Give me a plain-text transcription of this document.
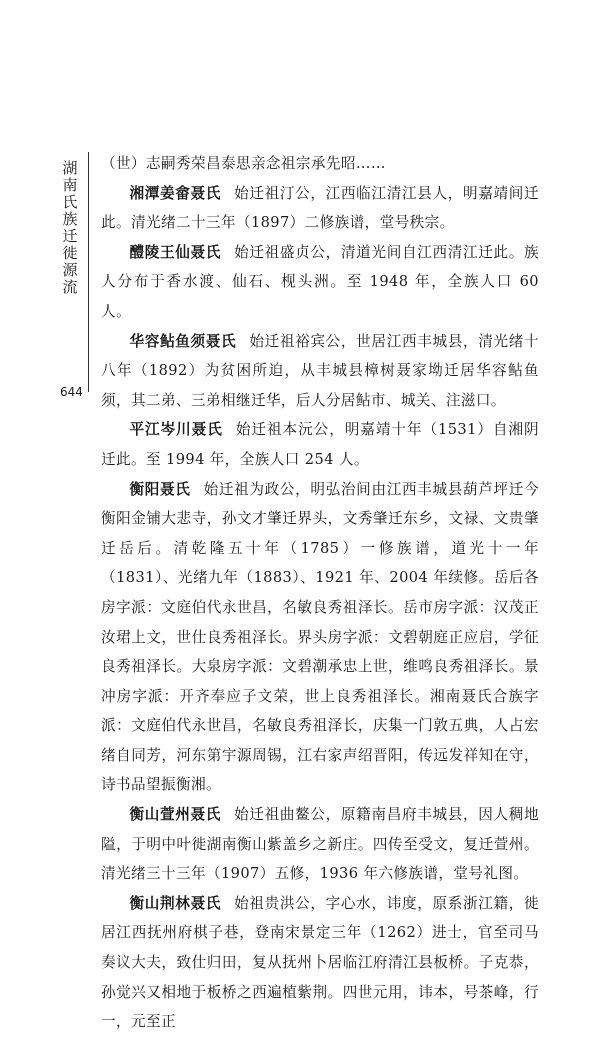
湖南氏族迁徙源流
644

（世）志嗣秀荣昌泰思亲念祖宗承先昭……

湘潭姜畲聂氏 始迁祖汀公，江西临江清江县人，明嘉靖间迁此。清光绪二十三年（1897）二修族谱，堂号秩宗。

醴陵王仙聂氏 始迁祖盛贞公，清道光间自江西清江迁此。族人分布于香水渡、仙石、枧头洲。至 1948 年，全族人口 60 人。

华容鲇鱼须聂氏 始迁祖裕宾公，世居江西丰城县，清光绪十八年（1892）为贫困所迫，从丰城县樟树聂家坳迁居华容鲇鱼须，其二弟、三弟相继迁华，后人分居鲇市、城关、注滋口。

平江岑川聂氏 始迁祖本沅公，明嘉靖十年（1531）自湘阴迁此。至 1994 年，全族人口 254 人。

衡阳聂氏 始迁祖为政公，明弘治间由江西丰城县葫芦坪迁今衡阳金铺大悲寺，孙文才肇迁界头，文秀肇迁东乡，文禄、文贵肇迁岳后。清乾隆五十年（1785）一修族谱，道光十一年（1831）、光绪九年（1883）、1921 年、2004 年续修。岳后各房字派：文庭伯代永世昌，名敏良秀祖泽长。岳市房字派：汉茂正汝珺上文，世仕良秀祖泽长。界头房字派：文碧朝庭正应启，学征良秀祖泽长。大泉房字派：文碧潮承忠上世，维鸣良秀祖泽长。景冲房字派：开齐奉应子文荣，世上良秀祖泽长。湘南聂氏合族字派：文庭伯代永世昌，名敏良秀祖泽长，庆集一门敦五典，人占宏绪自同芳，河东第宇源周锡，江右家声绍晋阳，传远发祥知在守，诗书品望振衡湘。

衡山萱州聂氏 始迁祖曲鳌公，原籍南昌府丰城县，因人稠地隘，于明中叶徙湖南衡山紫盖乡之新庄。四传至受文，复迁萱州。清光绪三十三年（1907）五修，1936 年六修族谱，堂号礼图。

衡山荆林聂氏 始祖贵洪公，字心水，讳度，原系浙江籍，徙居江西抚州府棋子巷，登南宋景定三年（1262）进士，官至司马奏议大夫，致仕归田，复从抚州卜居临江府清江县板桥。子克恭，孙觉兴又相地于板桥之西遍植紫荆。四世元用，讳本，号茶峰，行一，元至正
